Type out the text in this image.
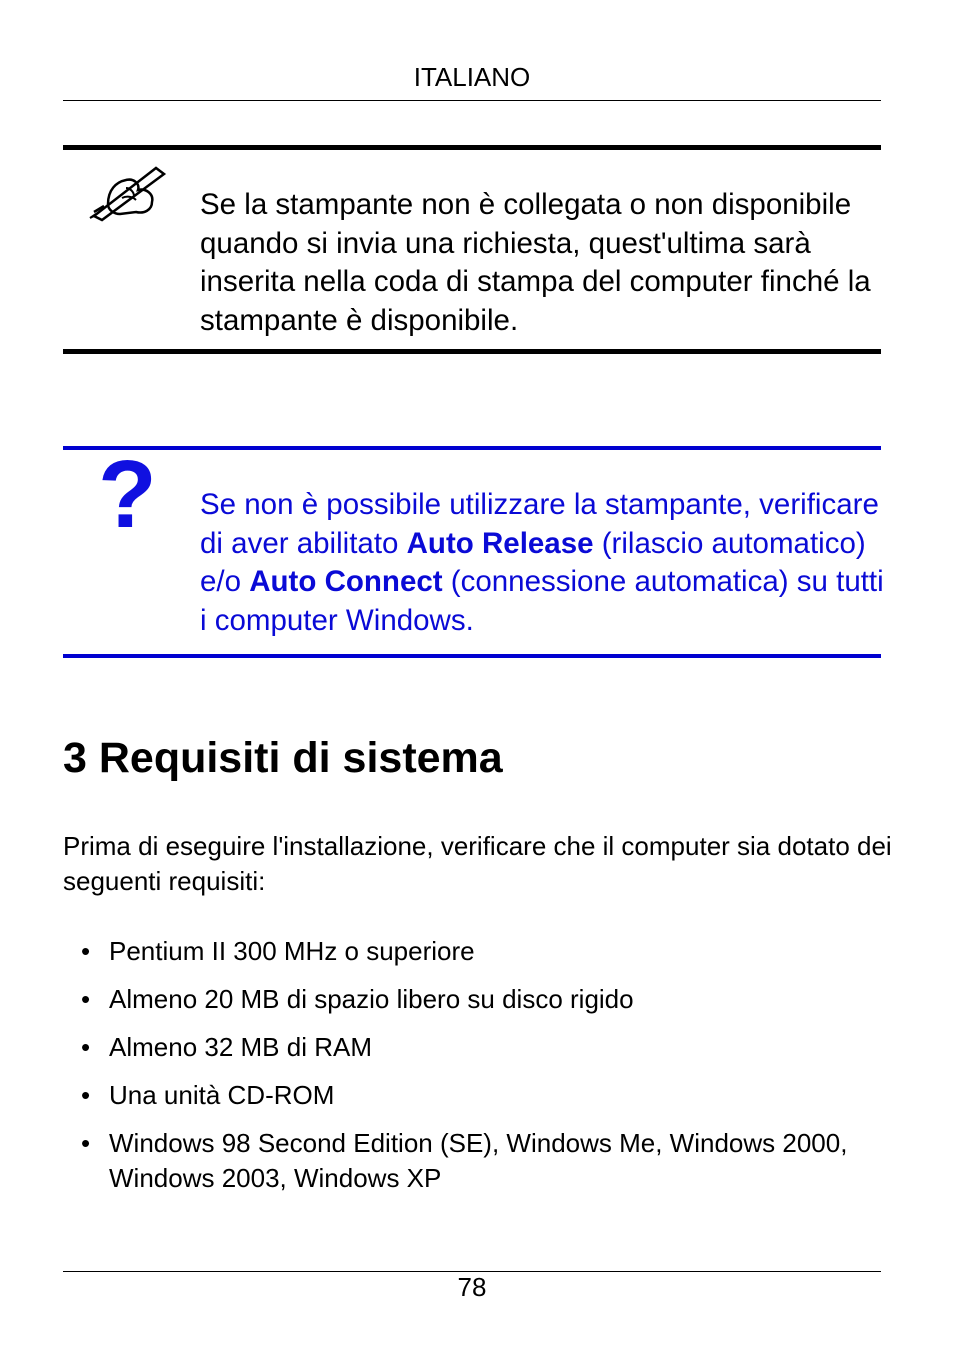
ITALIANO
Se la stampante non è collegata o non disponibile quando si invia una richiesta, quest'ultima sarà inserita nella coda di stampa del computer finché la stampante è disponibile.
? Se non è possibile utilizzare la stampante, verificare di aver abilitato Auto Release (rilascio automatico) e/o Auto Connect (connessione automatica) su tutti i computer Windows.
3 Requisiti di sistema
Prima di eseguire l'installazione, verificare che il computer sia dotato dei seguenti requisiti:
• Pentium II 300 MHz o superiore
• Almeno 20 MB di spazio libero su disco rigido
• Almeno 32 MB di RAM
• Una unità CD-ROM
• Windows 98 Second Edition (SE), Windows Me, Windows 2000, Windows 2003, Windows XP
78
